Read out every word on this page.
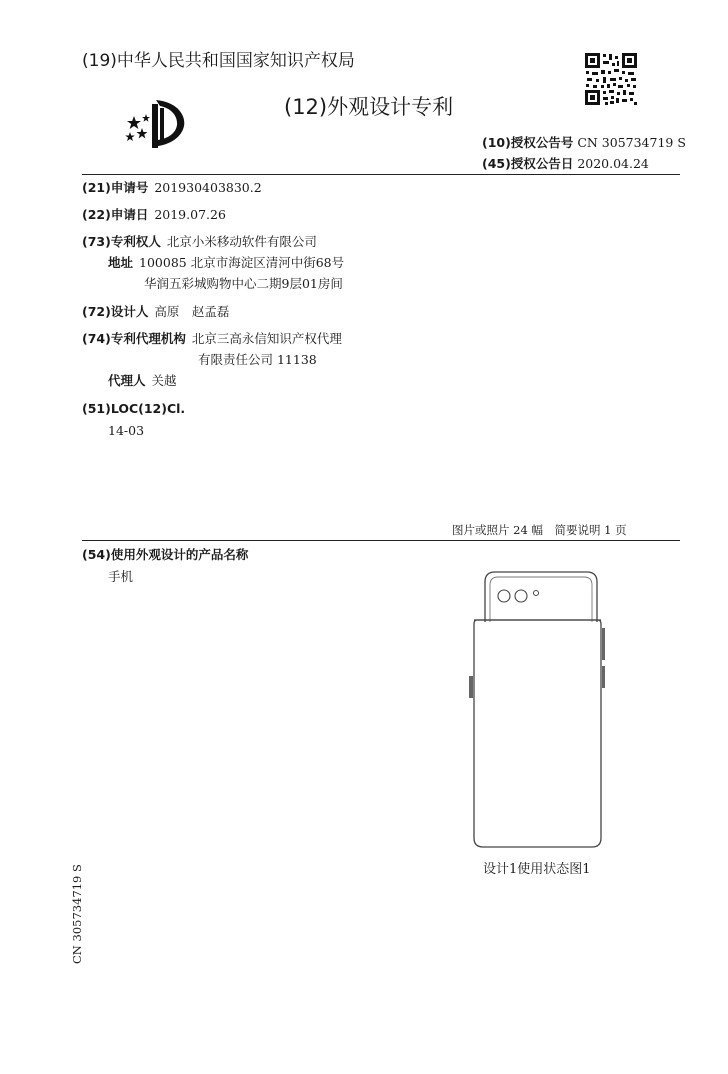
(19)中华人民共和国国家知识产权局
(12)外观设计专利
(10)授权公告号 CN 305734719 S
(45)授权公告日 2020.04.24
(21)申请号 201930403830.2
(22)申请日 2019.07.26
(73)专利权人 北京小米移动软件有限公司
地址 100085 北京市海淀区清河中街68号
华润五彩城购物中心二期9层01房间
(72)设计人 高原　赵孟磊
(74)专利代理机构 北京三高永信知识产权代理
有限责任公司 11138
代理人 关越
(51)LOC(12)Cl.
14-03
图片或照片 24 幅　简要说明 1 页
(54)使用外观设计的产品名称
手机
设计1使用状态图1
CN 305734719 S
